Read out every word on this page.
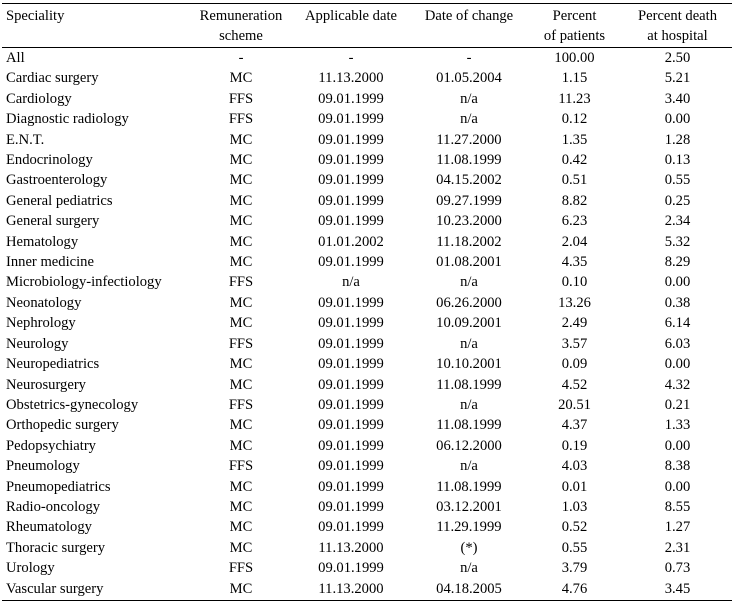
Speciality	Remuneration	Applicable date	Date of change	Percent	Percent death
	scheme			of patients	at hospital
All	-	-	-	100.00	2.50
Cardiac surgery	MC	11.13.2000	01.05.2004	1.15	5.21
Cardiology	FFS	09.01.1999	n/a	11.23	3.40
Diagnostic radiology	FFS	09.01.1999	n/a	0.12	0.00
E.N.T.	MC	09.01.1999	11.27.2000	1.35	1.28
Endocrinology	MC	09.01.1999	11.08.1999	0.42	0.13
Gastroenterology	MC	09.01.1999	04.15.2002	0.51	0.55
General pediatrics	MC	09.01.1999	09.27.1999	8.82	0.25
General surgery	MC	09.01.1999	10.23.2000	6.23	2.34
Hematology	MC	01.01.2002	11.18.2002	2.04	5.32
Inner medicine	MC	09.01.1999	01.08.2001	4.35	8.29
Microbiology-infectiology	FFS	n/a	n/a	0.10	0.00
Neonatology	MC	09.01.1999	06.26.2000	13.26	0.38
Nephrology	MC	09.01.1999	10.09.2001	2.49	6.14
Neurology	FFS	09.01.1999	n/a	3.57	6.03
Neuropediatrics	MC	09.01.1999	10.10.2001	0.09	0.00
Neurosurgery	MC	09.01.1999	11.08.1999	4.52	4.32
Obstetrics-gynecology	FFS	09.01.1999	n/a	20.51	0.21
Orthopedic surgery	MC	09.01.1999	11.08.1999	4.37	1.33
Pedopsychiatry	MC	09.01.1999	06.12.2000	0.19	0.00
Pneumology	FFS	09.01.1999	n/a	4.03	8.38
Pneumopediatrics	MC	09.01.1999	11.08.1999	0.01	0.00
Radio-oncology	MC	09.01.1999	03.12.2001	1.03	8.55
Rheumatology	MC	09.01.1999	11.29.1999	0.52	1.27
Thoracic surgery	MC	11.13.2000	(*)	0.55	2.31
Urology	FFS	09.01.1999	n/a	3.79	0.73
Vascular surgery	MC	11.13.2000	04.18.2005	4.76	3.45
